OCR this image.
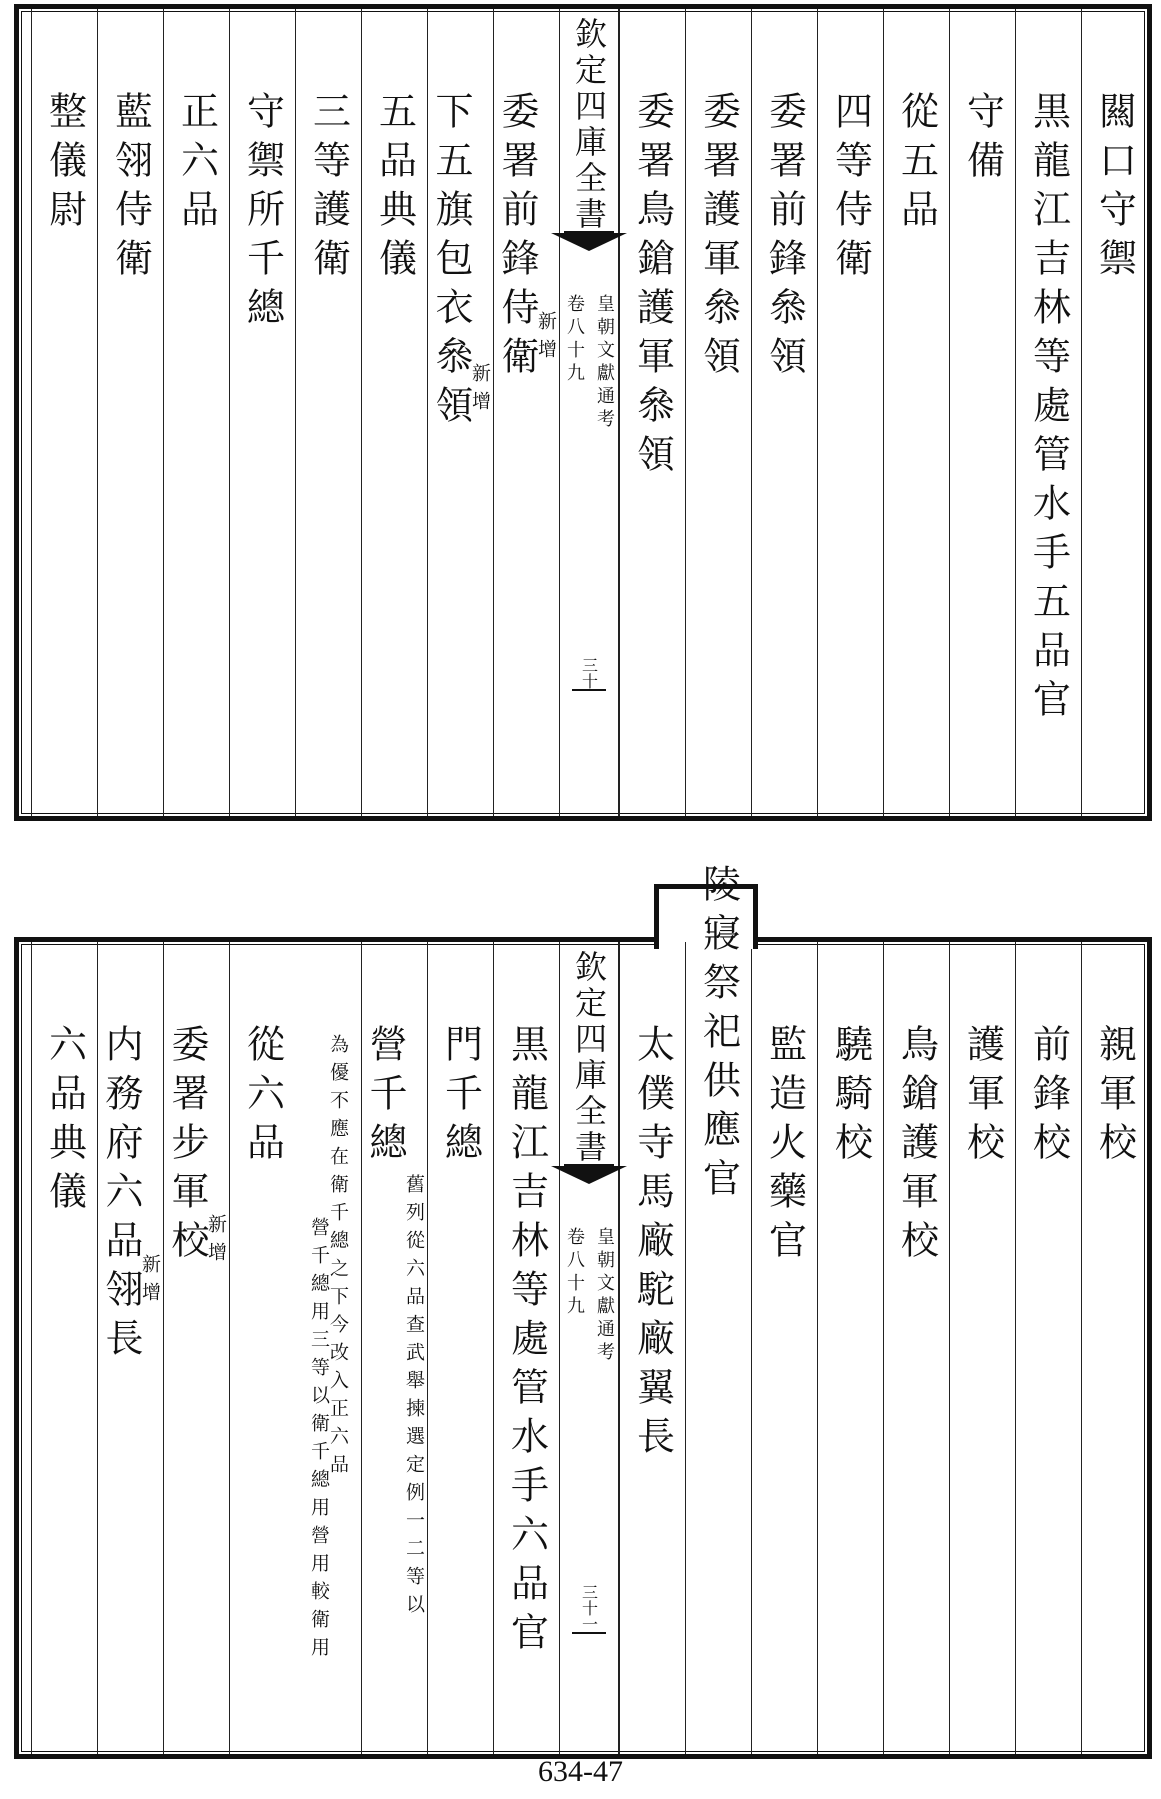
闗口守禦
黒龍江吉林等處管水手五品官
守備
從五品
四等侍衛
委署前鋒叅領
委署護軍叅領
委署鳥鎗護軍叅領
欽定四庫全書
皇朝文獻通考
卷八十九
三十
委署前鋒侍衛
新增
下五旗包衣叅領
新增
五品典儀
三等護衛
守禦所千總
正六品
藍翎侍衛
整儀尉
親軍校
前鋒校
護軍校
鳥鎗護軍校
驍騎校
監造火藥官
陵寢祭祀供應官
太僕寺馬廠駝廠翼長
欽定四庫全書
皇朝文獻通考
卷八十九
三十一
黒龍江吉林等處管水手六品官
門千總
營千總
舊列從六品查武舉揀選定例一二等以
營千總用三等以衛千總用營用較衛用
為優不應在衛千總之下今改入正六品
從六品
委署步軍校
新增
内務府六品翎長
新增
六品典儀
634-47
